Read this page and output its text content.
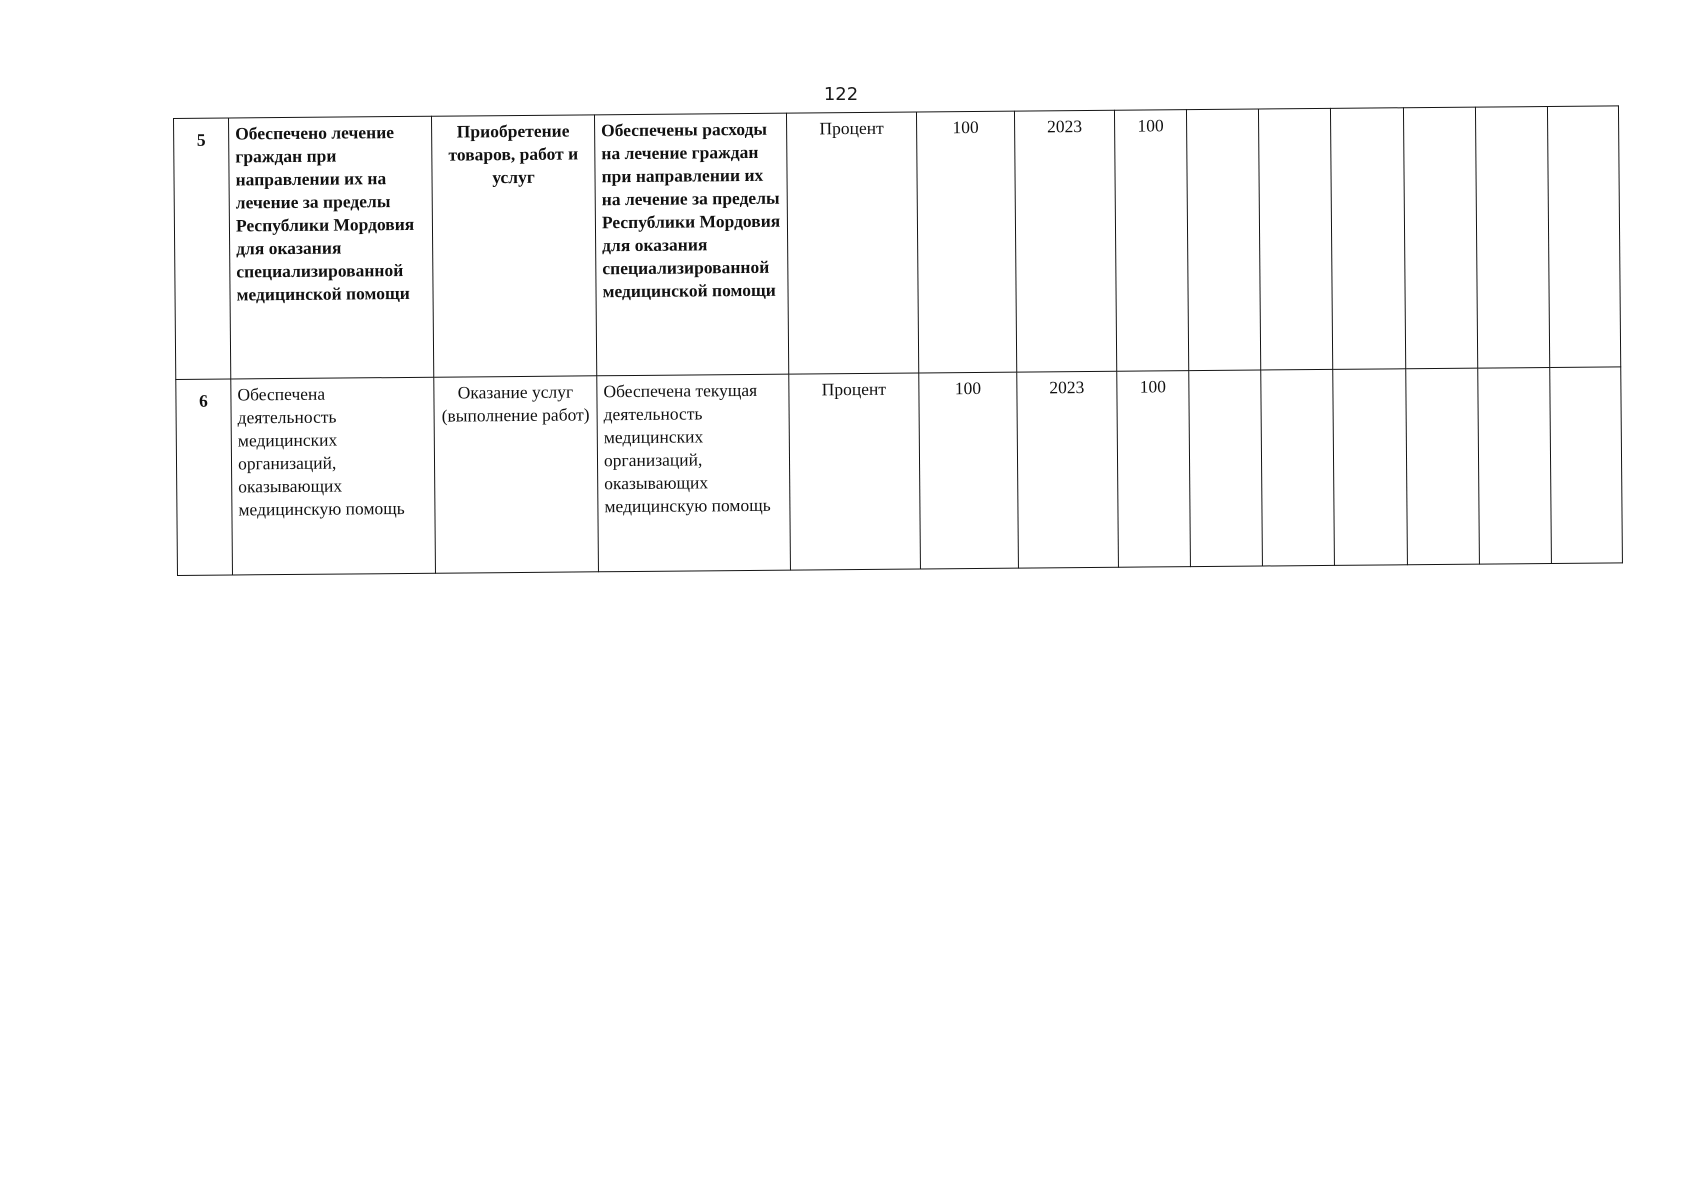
122
5	Обеспечено лечение граждан при направлении их на лечение за пределы Республики Мордовия для оказания специализированной медицинской помощи	Приобретение товаров, работ и услуг	Обеспечены расходы на лечение граждан при направлении их на лечение за пределы Республики Мордовия для оказания специализированной медицинской помощи	Процент	100	2023	100						
6	Обеспечена деятельность медицинских организаций, оказывающих медицинскую помощь	Оказание услуг (выполнение работ)	Обеспечена текущая деятельность медицинских организаций, оказывающих медицинскую помощь	Процент	100	2023	100						
